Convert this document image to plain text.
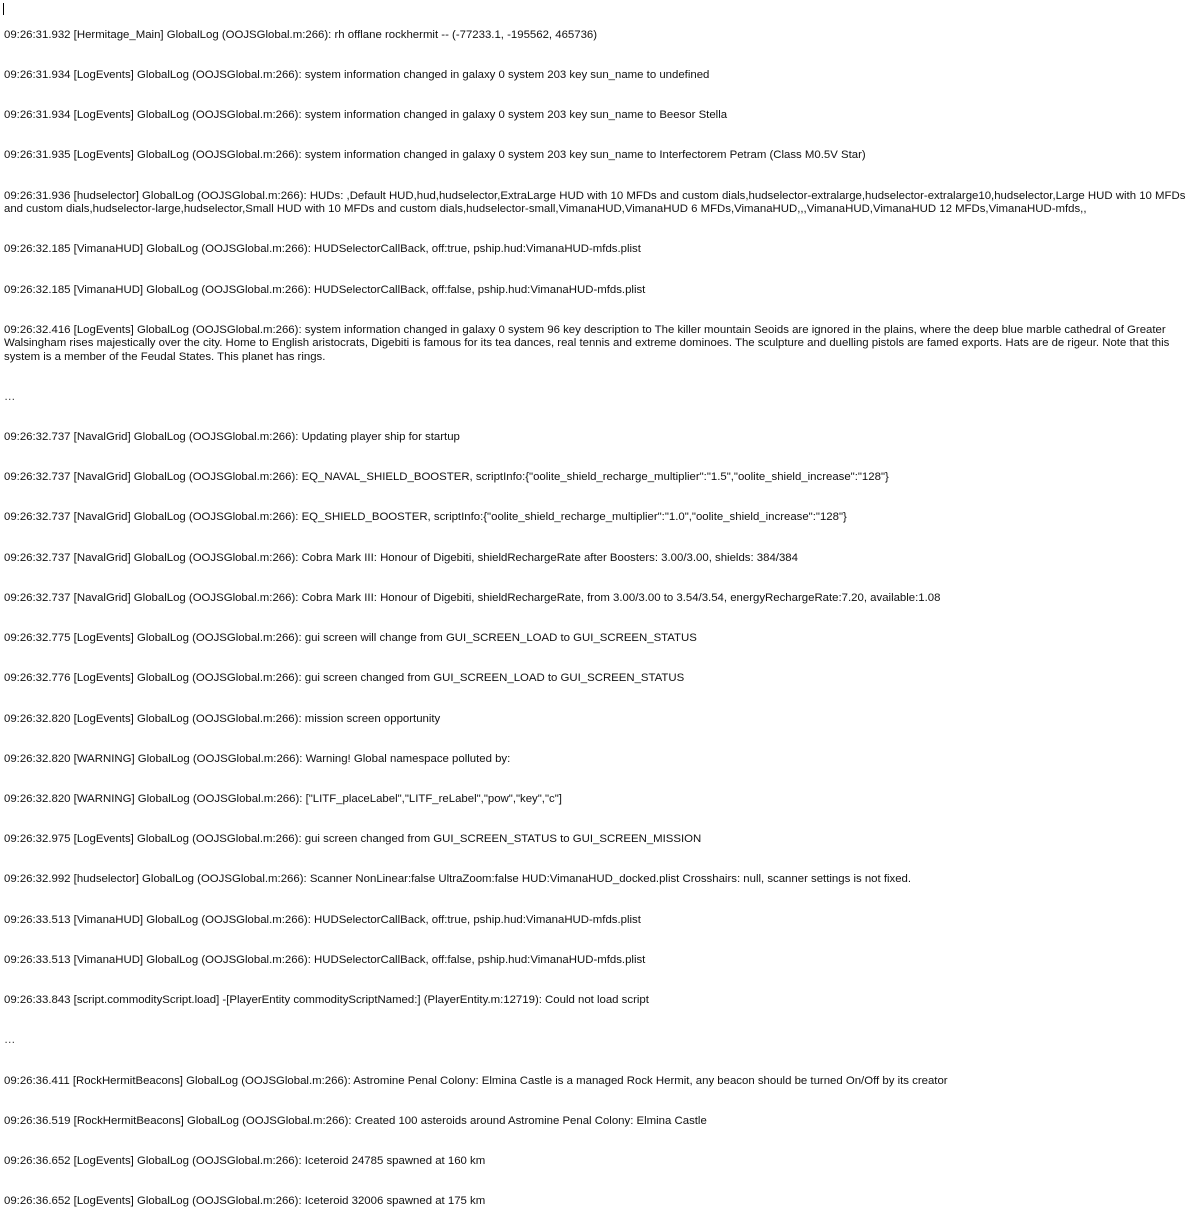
09:26:31.932 [Hermitage_Main] GlobalLog (OOJSGlobal.m:266): rh offlane rockhermit -- (-77233.1, -195562, 465736)

09:26:31.934 [LogEvents] GlobalLog (OOJSGlobal.m:266): system information changed in galaxy 0 system 203 key sun_name to undefined

09:26:31.934 [LogEvents] GlobalLog (OOJSGlobal.m:266): system information changed in galaxy 0 system 203 key sun_name to Beesor Stella

09:26:31.935 [LogEvents] GlobalLog (OOJSGlobal.m:266): system information changed in galaxy 0 system 203 key sun_name to Interfectorem Petram (Class M0.5V Star)

09:26:31.936 [hudselector] GlobalLog (OOJSGlobal.m:266): HUDs: ,Default HUD,hud,hudselector,ExtraLarge HUD with 10 MFDs and custom dials,hudselector-extralarge,hudselector-extralarge10,hudselector,Large HUD with 10 MFDs and custom dials,hudselector-large,hudselector,Small HUD with 10 MFDs and custom dials,hudselector-small,VimanaHUD,VimanaHUD 6 MFDs,VimanaHUD,,,VimanaHUD,VimanaHUD 12 MFDs,VimanaHUD-mfds,,

09:26:32.185 [VimanaHUD] GlobalLog (OOJSGlobal.m:266): HUDSelectorCallBack, off:true, pship.hud:VimanaHUD-mfds.plist

09:26:32.185 [VimanaHUD] GlobalLog (OOJSGlobal.m:266): HUDSelectorCallBack, off:false, pship.hud:VimanaHUD-mfds.plist

09:26:32.416 [LogEvents] GlobalLog (OOJSGlobal.m:266): system information changed in galaxy 0 system 96 key description to The killer mountain Seoids are ignored in the plains, where the deep blue marble cathedral of Greater Walsingham rises majestically over the city. Home to English aristocrats, Digebiti is famous for its tea dances, real tennis and extreme dominoes. The sculpture and duelling pistols are famed exports. Hats are de rigeur. Note that this system is a member of the Feudal States. This planet has rings.

…

09:26:32.737 [NavalGrid] GlobalLog (OOJSGlobal.m:266): Updating player ship for startup

09:26:32.737 [NavalGrid] GlobalLog (OOJSGlobal.m:266): EQ_NAVAL_SHIELD_BOOSTER, scriptInfo:{"oolite_shield_recharge_multiplier":"1.5","oolite_shield_increase":"128"}

09:26:32.737 [NavalGrid] GlobalLog (OOJSGlobal.m:266): EQ_SHIELD_BOOSTER, scriptInfo:{"oolite_shield_recharge_multiplier":"1.0","oolite_shield_increase":"128"}

09:26:32.737 [NavalGrid] GlobalLog (OOJSGlobal.m:266): Cobra Mark III: Honour of Digebiti, shieldRechargeRate after Boosters: 3.00/3.00, shields: 384/384

09:26:32.737 [NavalGrid] GlobalLog (OOJSGlobal.m:266): Cobra Mark III: Honour of Digebiti, shieldRechargeRate, from 3.00/3.00 to 3.54/3.54, energyRechargeRate:7.20, available:1.08

09:26:32.775 [LogEvents] GlobalLog (OOJSGlobal.m:266): gui screen will change from GUI_SCREEN_LOAD to GUI_SCREEN_STATUS

09:26:32.776 [LogEvents] GlobalLog (OOJSGlobal.m:266): gui screen changed from GUI_SCREEN_LOAD to GUI_SCREEN_STATUS

09:26:32.820 [LogEvents] GlobalLog (OOJSGlobal.m:266): mission screen opportunity

09:26:32.820 [WARNING] GlobalLog (OOJSGlobal.m:266): Warning! Global namespace polluted by:

09:26:32.820 [WARNING] GlobalLog (OOJSGlobal.m:266): ["LITF_placeLabel","LITF_reLabel","pow","key","c"]

09:26:32.975 [LogEvents] GlobalLog (OOJSGlobal.m:266): gui screen changed from GUI_SCREEN_STATUS to GUI_SCREEN_MISSION

09:26:32.992 [hudselector] GlobalLog (OOJSGlobal.m:266): Scanner NonLinear:false UltraZoom:false HUD:VimanaHUD_docked.plist Crosshairs: null, scanner settings is not fixed.

09:26:33.513 [VimanaHUD] GlobalLog (OOJSGlobal.m:266): HUDSelectorCallBack, off:true, pship.hud:VimanaHUD-mfds.plist

09:26:33.513 [VimanaHUD] GlobalLog (OOJSGlobal.m:266): HUDSelectorCallBack, off:false, pship.hud:VimanaHUD-mfds.plist

09:26:33.843 [script.commodityScript.load] -[PlayerEntity commodityScriptNamed:] (PlayerEntity.m:12719): Could not load script

…

09:26:36.411 [RockHermitBeacons] GlobalLog (OOJSGlobal.m:266): Astromine Penal Colony: Elmina Castle is a managed Rock Hermit, any beacon should be turned On/Off by its creator

09:26:36.519 [RockHermitBeacons] GlobalLog (OOJSGlobal.m:266): Created 100 asteroids around Astromine Penal Colony: Elmina Castle

09:26:36.652 [LogEvents] GlobalLog (OOJSGlobal.m:266): Iceteroid 24785 spawned at 160 km

09:26:36.652 [LogEvents] GlobalLog (OOJSGlobal.m:266): Iceteroid 32006 spawned at 175 km
